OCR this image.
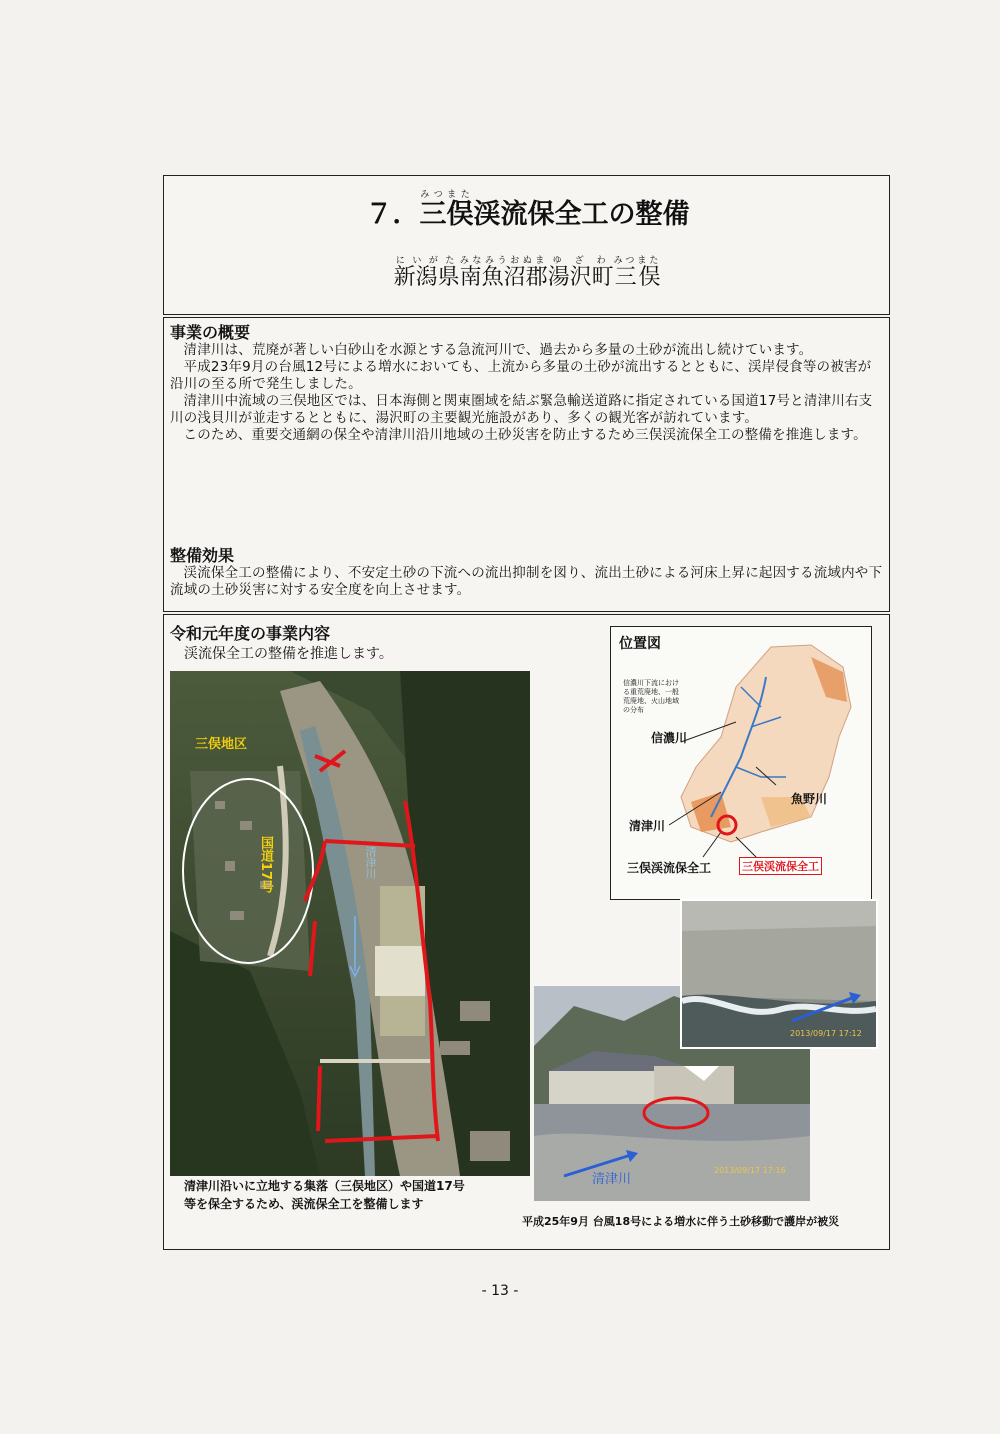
７．三俣みつまた渓流保全工の整備
新潟県にいがた南魚沼郡みなみうおぬま湯沢町ゆざわ三俣みつまた
事業の概要

清津川は、荒廃が著しい白砂山を水源とする急流河川で、過去から多量の土砂が流出し続けています。

平成23年9月の台風12号による増水においても、上流から多量の土砂が流出するとともに、渓岸侵食等の被害が沿川の至る所で発生しました。

清津川中流域の三俣地区では、日本海側と関東圏域を結ぶ緊急輸送道路に指定されている国道17号と清津川右支川の浅貝川が並走するとともに、湯沢町の主要観光施設があり、多くの観光客が訪れています。

このため、重要交通網の保全や清津川沿川地域の土砂災害を防止するため三俣渓流保全工の整備を推進します。

整備効果

渓流保全工の整備により、不安定土砂の下流への流出抑制を図り、流出土砂による河床上昇に起因する流域内や下流域の土砂災害に対する安全度を向上させます。

令和元年度の事業内容
渓流保全工の整備を推進します。
三俣地区
国道17号	清津川
清津川沿いに立地する集落（三俣地区）や国道17号
等を保全するため、渓流保全工を整備します
位置図
信濃川下流における重荒廃地、一般荒廃地、火山地域の分布
信濃川
清津川
魚野川
三俣渓流保全工	三俣渓流保全工
清津川
2013/09/17 17:16
2013/09/17 17:12
平成25年9月 台風18号による増水に伴う土砂移動で護岸が被災
- 13 -
